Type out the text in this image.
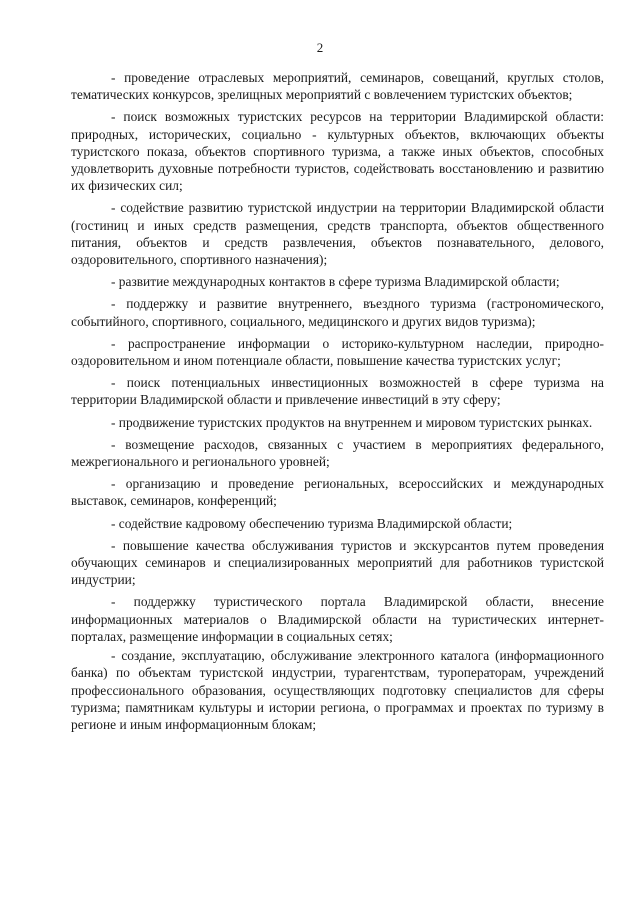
2

- проведение отраслевых мероприятий, семинаров, совещаний, круглых столов, тематических конкурсов, зрелищных мероприятий с вовлечением туристских объектов;

- поиск возможных туристских ресурсов на территории Владимирской области: природных, исторических, социально - культурных объектов, включающих объекты туристского показа, объектов спортивного туризма, а также иных объектов, способных удовлетворить духовные потребности туристов, содействовать восстановлению и развитию их физических сил;

- содействие развитию туристской индустрии на территории Владимирской области (гостиниц и иных средств размещения, средств транспорта, объектов общественного питания, объектов и средств развлечения, объектов познавательного, делового, оздоровительного, спортивного назначения);

- развитие международных контактов в сфере туризма Владимирской области;

- поддержку и развитие внутреннего, въездного туризма (гастрономического, событийного, спортивного, социального, медицинского и других видов туризма);

- распространение информации о историко-культурном наследии, природно-оздоровительном и ином потенциале области, повышение качества туристских услуг;

- поиск потенциальных инвестиционных возможностей в сфере туризма на территории Владимирской области и привлечение инвестиций в эту сферу;

- продвижение туристских продуктов на внутреннем и мировом туристских рынках.

- возмещение расходов, связанных с участием в мероприятиях федерального, межрегионального и регионального уровней;

- организацию и проведение региональных, всероссийских и международных выставок, семинаров, конференций;

- содействие кадровому обеспечению туризма Владимирской области;

- повышение качества обслуживания туристов и экскурсантов путем проведения обучающих семинаров и специализированных мероприятий для работников туристской индустрии;

- поддержку туристического портала Владимирской области, внесение информационных материалов о Владимирской области на туристических интернет- порталах, размещение информации в социальных сетях;

- создание, эксплуатацию, обслуживание электронного каталога (информационного банка) по объектам туристской индустрии, турагентствам, туроператорам, учреждений профессионального образования, осуществляющих подготовку специалистов для сферы туризма; памятникам культуры и истории региона, о программах и проектах по туризму в регионе и иным информационным блокам;
